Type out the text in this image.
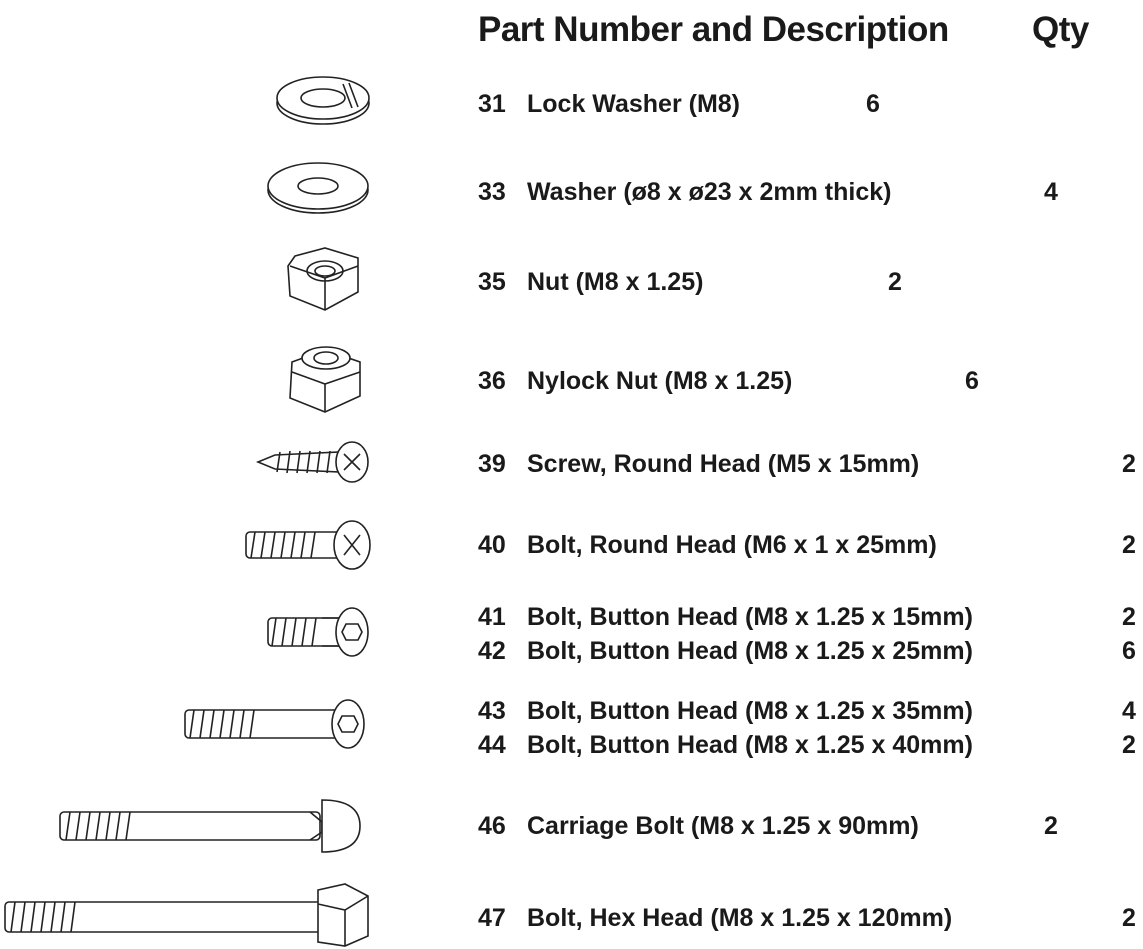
Part Number and Description Qty
31 Lock Washer (M8)	6
33 Washer (ø8 x ø23 x 2mm thick)	4
35 Nut (M8 x 1.25)	2
36 Nylock Nut (M8 x 1.25)	6
39 Screw, Round Head (M5 x 15mm)	2
40 Bolt, Round Head (M6 x 1 x 25mm)	2
41 Bolt, Button Head (M8 x 1.25 x 15mm)	2
42 Bolt, Button Head (M8 x 1.25 x 25mm)	6
43 Bolt, Button Head (M8 x 1.25 x 35mm)	4
44 Bolt, Button Head (M8 x 1.25 x 40mm)	2
46 Carriage Bolt (M8 x 1.25 x 90mm)	2
47 Bolt, Hex Head (M8 x 1.25 x 120mm)	2
